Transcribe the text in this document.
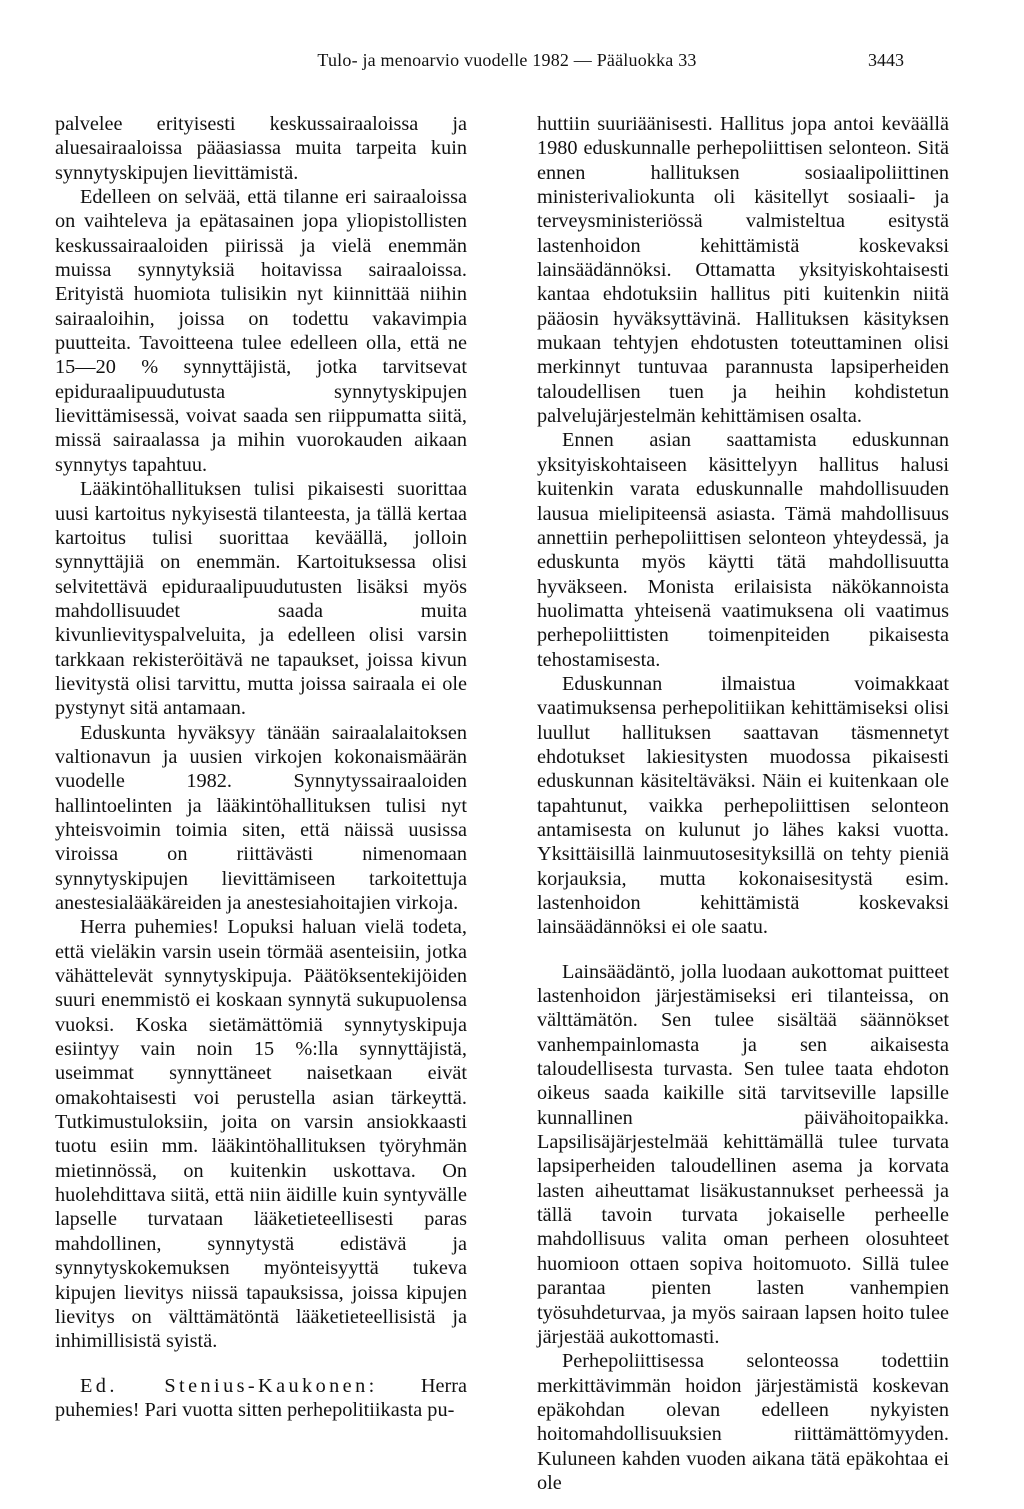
Tulo- ja menoarvio vuodelle 1982 — Pääluokka 33	3443

palvelee erityisesti keskussairaaloissa ja aluesairaaloissa pääasiassa muita tarpeita kuin synnytyskipujen lievittämistä.

Edelleen on selvää, että tilanne eri sairaaloissa on vaihteleva ja epätasainen jopa yliopistollisten keskussairaaloiden piirissä ja vielä enemmän muissa synnytyksiä hoitavissa sairaaloissa. Erityistä huomiota tulisikin nyt kiinnittää niihin sairaaloihin, joissa on todettu vakavimpia puutteita. Tavoitteena tulee edelleen olla, että ne 15—20 % synnyttäjistä, jotka tarvitsevat epiduraalipuudutusta synnytyskipujen lievittämisessä, voivat saada sen riippumatta siitä, missä sairaalassa ja mihin vuorokauden aikaan synnytys tapahtuu.

Lääkintöhallituksen tulisi pikaisesti suorittaa uusi kartoitus nykyisestä tilanteesta, ja tällä kertaa kartoitus tulisi suorittaa keväällä, jolloin synnyttäjiä on enemmän. Kartoituksessa olisi selvitettävä epiduraalipuudutusten lisäksi myös mahdollisuudet saada muita kivunlievityspalveluita, ja edelleen olisi varsin tarkkaan rekisteröitävä ne tapaukset, joissa kivun lievitystä olisi tarvittu, mutta joissa sairaala ei ole pystynyt sitä antamaan.

Eduskunta hyväksyy tänään sairaalalaitoksen valtionavun ja uusien virkojen kokonaismäärän vuodelle 1982. Synnytyssairaaloiden hallintoelinten ja lääkintöhallituksen tulisi nyt yhteisvoimin toimia siten, että näissä uusissa viroissa on riittävästi nimenomaan synnytyskipujen lievittämiseen tarkoitettuja anestesialääkäreiden ja anestesiahoitajien virkoja.

Herra puhemies! Lopuksi haluan vielä todeta, että vieläkin varsin usein törmää asenteisiin, jotka vähättelevät synnytyskipuja. Päätöksentekijöiden suuri enemmistö ei koskaan synnytä sukupuolensa vuoksi. Koska sietämättömiä synnytyskipuja esiintyy vain noin 15 %:lla synnyttäjistä, useimmat synnyttäneet naisetkaan eivät omakohtaisesti voi perustella asian tärkeyttä. Tutkimustuloksiin, joita on varsin ansiokkaasti tuotu esiin mm. lääkintöhallituksen työryhmän mietinnössä, on kuitenkin uskottava. On huolehdittava siitä, että niin äidille kuin syntyvälle lapselle turvataan lääketieteellisesti paras mahdollinen, synnytystä edistävä ja synnytyskokemuksen myönteisyyttä tukeva kipujen lievitys niissä tapauksissa, joissa kipujen lievitys on välttämätöntä lääketieteellisistä ja inhimillisistä syistä.

Ed. Stenius-Kaukonen: Herra puhemies! Pari vuotta sitten perhepolitiikasta pu-

huttiin suuriäänisesti. Hallitus jopa antoi keväällä 1980 eduskunnalle perhepoliittisen selonteon. Sitä ennen hallituksen sosiaalipoliittinen ministerivaliokunta oli käsitellyt sosiaali- ja terveysministeriössä valmisteltua esitystä lastenhoidon kehittämistä koskevaksi lainsäädännöksi. Ottamatta yksityiskohtaisesti kantaa ehdotuksiin hallitus piti kuitenkin niitä pääosin hyväksyttävinä. Hallituksen käsityksen mukaan tehtyjen ehdotusten toteuttaminen olisi merkinnyt tuntuvaa parannusta lapsiperheiden taloudellisen tuen ja heihin kohdistetun palvelujärjestelmän kehittämisen osalta.

Ennen asian saattamista eduskunnan yksityiskohtaiseen käsittelyyn hallitus halusi kuitenkin varata eduskunnalle mahdollisuuden lausua mielipiteensä asiasta. Tämä mahdollisuus annettiin perhepoliittisen selonteon yhteydessä, ja eduskunta myös käytti tätä mahdollisuutta hyväkseen. Monista erilaisista näkökannoista huolimatta yhteisenä vaatimuksena oli vaatimus perhepoliittisten toimenpiteiden pikaisesta tehostamisesta.

Eduskunnan ilmaistua voimakkaat vaatimuksensa perhepolitiikan kehittämiseksi olisi luullut hallituksen saattavan täsmennetyt ehdotukset lakiesitysten muodossa pikaisesti eduskunnan käsiteltäväksi. Näin ei kuitenkaan ole tapahtunut, vaikka perhepoliittisen selonteon antamisesta on kulunut jo lähes kaksi vuotta. Yksittäisillä lainmuutosesityksillä on tehty pieniä korjauksia, mutta kokonaisesitystä esim. lastenhoidon kehittämistä koskevaksi lainsäädännöksi ei ole saatu.

Lainsäädäntö, jolla luodaan aukottomat puitteet lastenhoidon järjestämiseksi eri tilanteissa, on välttämätön. Sen tulee sisältää säännökset vanhempainlomasta ja sen aikaisesta taloudellisesta turvasta. Sen tulee taata ehdoton oikeus saada kaikille sitä tarvitseville lapsille kunnallinen päivähoitopaikka. Lapsilisäjärjestelmää kehittämällä tulee turvata lapsiperheiden taloudellinen asema ja korvata lasten aiheuttamat lisäkustannukset perheessä ja tällä tavoin turvata jokaiselle perheelle mahdollisuus valita oman perheen olosuhteet huomioon ottaen sopiva hoitomuoto. Sillä tulee parantaa pienten lasten vanhempien työsuhdeturvaa, ja myös sairaan lapsen hoito tulee järjestää aukottomasti.

Perhepoliittisessa selonteossa todettiin merkittävimmän hoidon järjestämistä koskevan epäkohdan olevan edelleen nykyisten hoitomahdollisuuksien riittämättömyyden. Kuluneen kahden vuoden aikana tätä epäkohtaa ei ole
